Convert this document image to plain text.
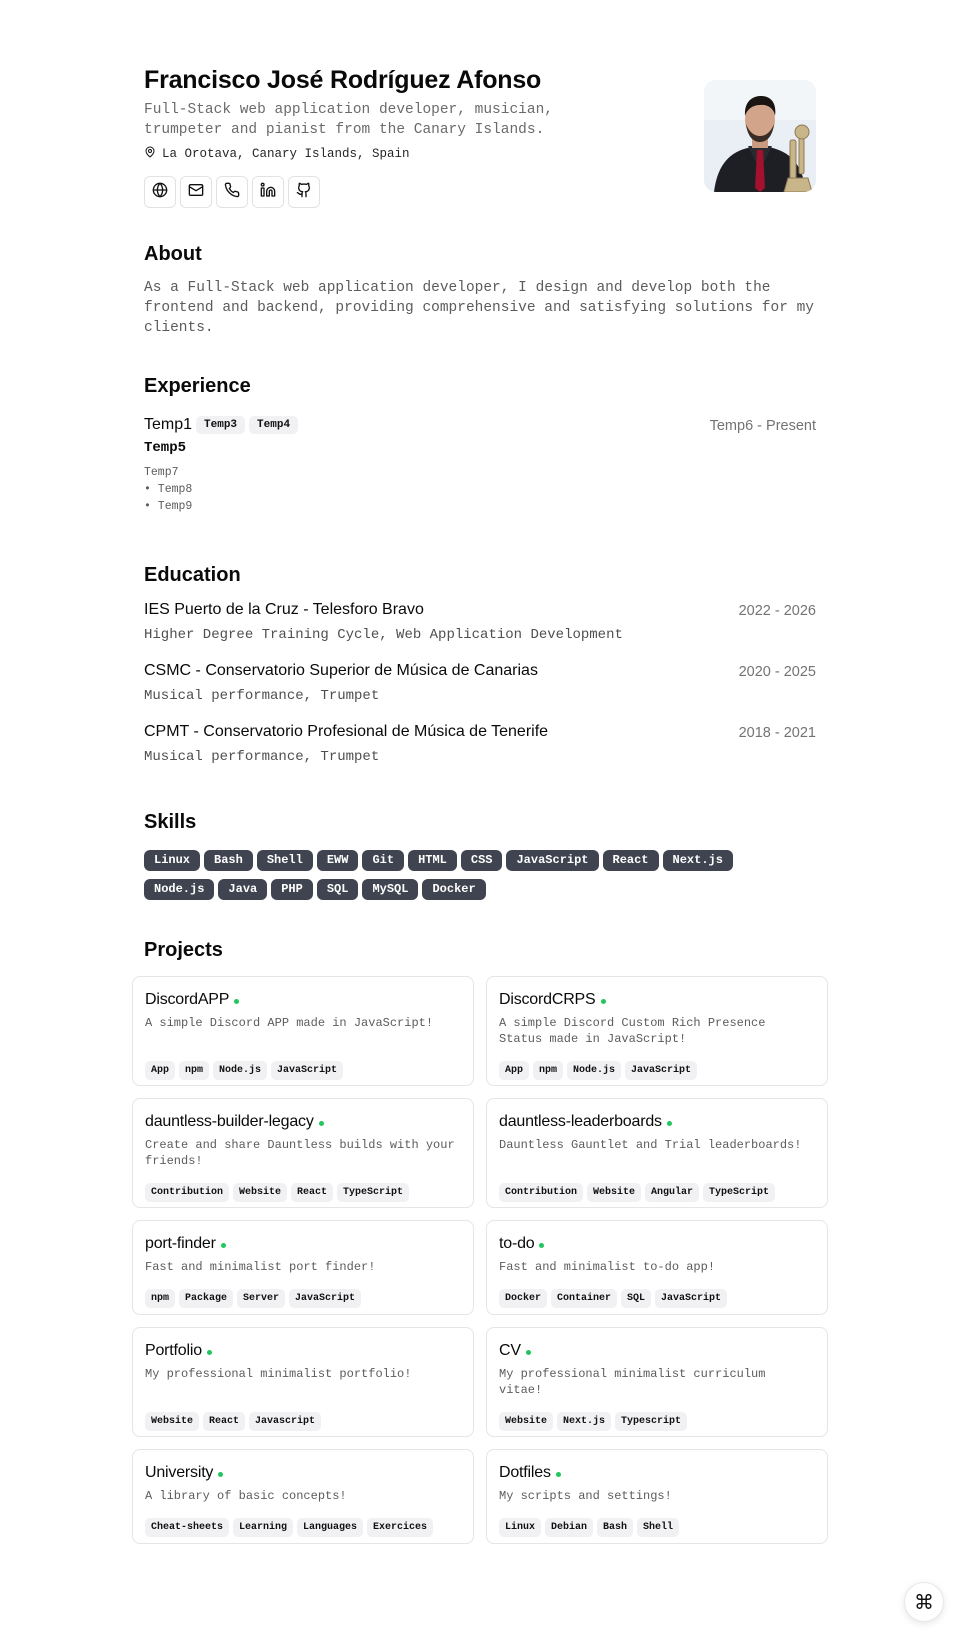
Francisco José Rodríguez Afonso

Full-Stack web application developer, musician, trumpeter and pianist from the Canary Islands.

La Orotava, Canary Islands, Spain
About

As a Full-Stack web application developer, I design and develop both the frontend and backend, providing comprehensive and satisfying solutions for my clients.

Experience
Temp1	Temp3	Temp4	Temp6 - Present
Temp5
Temp7
• Temp8
• Temp9
Education
IES Puerto de la Cruz - Telesforo Bravo	2022 - 2026
Higher Degree Training Cycle, Web Application Development
CSMC - Conservatorio Superior de Música de Canarias	2020 - 2025
Musical performance, Trumpet
CPMT - Conservatorio Profesional de Música de Tenerife	2018 - 2021
Musical performance, Trumpet
Skills
Linux	Bash	Shell	EWW	Git	HTML	CSS	JavaScript	React	Next.js
Node.js	Java	PHP	SQL	MySQL	Docker
Projects
DiscordAPP
A simple Discord APP made in JavaScript!
App	npm	Node.js	JavaScript
DiscordCRPS
A simple Discord Custom Rich Presence Status made in JavaScript!
App	npm	Node.js	JavaScript
dauntless-builder-legacy
Create and share Dauntless builds with your friends!
Contribution	Website	React	TypeScript
dauntless-leaderboards
Dauntless Gauntlet and Trial leaderboards!
Contribution	Website	Angular	TypeScript
port-finder
Fast and minimalist port finder!
npm	Package	Server	JavaScript
to-do
Fast and minimalist to-do app!
Docker	Container	SQL	JavaScript
Portfolio
My professional minimalist portfolio!
Website	React	Javascript
CV
My professional minimalist curriculum vitae!
Website	Next.js	Typescript
University
A library of basic concepts!
Cheat-sheets	Learning	Languages	Exercices
Dotfiles
My scripts and settings!
Linux	Debian	Bash	Shell
⌘
